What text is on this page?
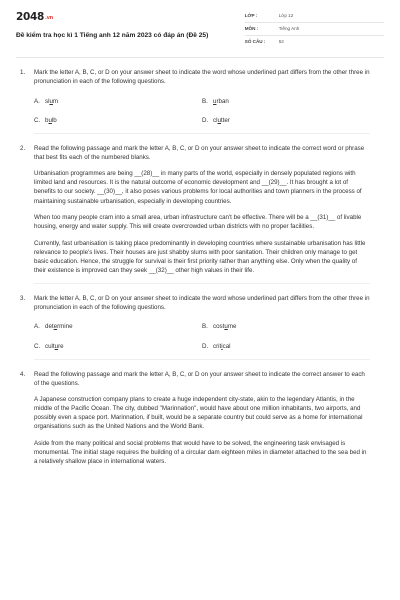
2048.vn
Đề kiểm tra học kì 1 Tiếng anh 12 năm 2023 có đáp án (Đề 25)
LỚP :	Lớp 12
MÔN :	Tiếng Anh
SỐ CÂU :	52
1.	Mark the letter A, B, C, or D on your answer sheet to indicate the word whose underlined part differs from the other three in pronunciation in each of the following questions.
A. slum	B. urban
C. bulb	D. clutter
2.	Read the following passage and mark the letter A, B, C, or D on your answer sheet to indicate the correct word or phrase that best fits each of the numbered blanks.

Urbanisation programmes are being __(28)__ in many parts of the world, especially in densely populated regions with limited land and resources. It is the natural outcome of economic development and __(29)__. It has brought a lot of benefits to our society. __(30)__, it also poses various problems for local authorities and town planners in the process of maintaining sustainable urbanisation, especially in developing countries.

When too many people cram into a small area, urban infrastructure can't be effective. There will be a __(31)__ of livable housing, energy and water supply. This will create overcrowded urban districts with no proper facilities.

Currently, fast urbanisation is taking place predominantly in developing countries where sustainable urbanisation has little relevance to people's lives. Their houses are just shabby slums with poor sanitation. Their children only manage to get basic education. Hence, the struggle for survival is their first priority rather than anything else. Only when the quality of their existence is improved can they seek __(32)__ other high values in their life.

3.	Mark the letter A, B, C, or D on your answer sheet to indicate the word whose underlined part differs from the other three in pronunciation in each of the following questions.
A. determine	B. costume
C. culture	D. critical
4.	Read the following passage and mark the letter A, B, C, or D on your answer sheet to indicate the correct answer to each of the questions.

A Japanese construction company plans to create a huge independent city-state, akin to the legendary Atlantis, in the middle of the Pacific Ocean. The city, dubbed "Marinnation", would have about one million inhabitants, two airports, and possibly even a space port. Marinnation, if built, would be a separate country but could serve as a home for international organisations such as the United Nations and the World Bank.

Aside from the many political and social problems that would have to be solved, the engineering task envisaged is monumental. The initial stage requires the building of a circular dam eighteen miles in diameter attached to the sea bed in a relatively shallow place in international waters.
